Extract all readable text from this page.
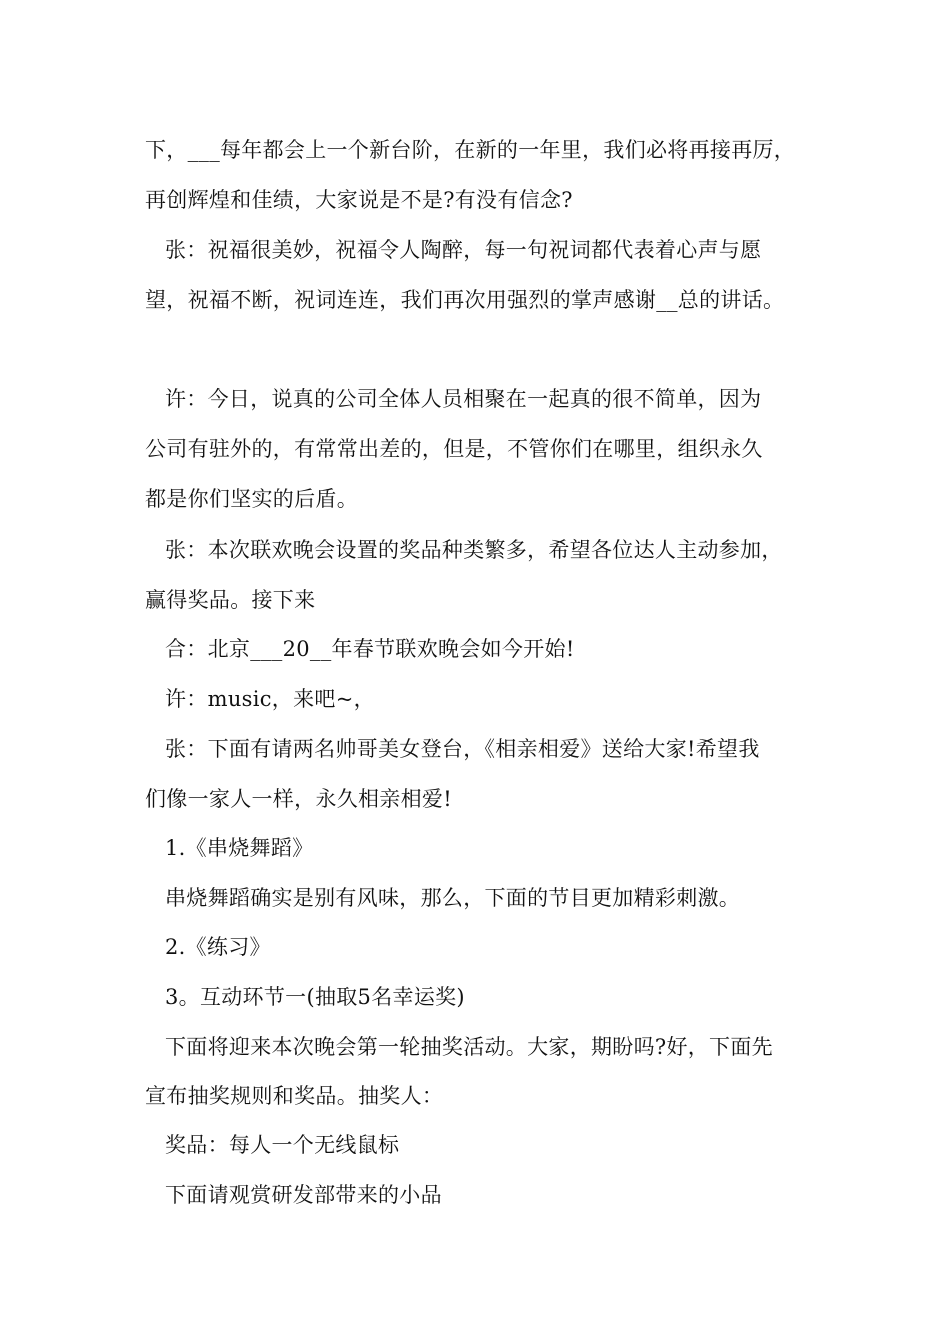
下，___每年都会上一个新台阶，在新的一年里，我们必将再接再厉，
再创辉煌和佳绩，大家说是不是?有没有信念?
张：祝福很美妙，祝福令人陶醉，每一句祝词都代表着心声与愿
望，祝福不断，祝词连连，我们再次用强烈的掌声感谢__总的讲话。
许：今日，说真的公司全体人员相聚在一起真的很不简单，因为
公司有驻外的，有常常出差的，但是，不管你们在哪里，组织永久
都是你们坚实的后盾。
张：本次联欢晚会设置的奖品种类繁多，希望各位达人主动参加，
赢得奖品。接下来
合：北京___20__年春节联欢晚会如今开始!
许：music，来吧~，
张：下面有请两名帅哥美女登台，《相亲相爱》送给大家!希望我
们像一家人一样，永久相亲相爱!
1.《串烧舞蹈》
串烧舞蹈确实是别有风味，那么，下面的节目更加精彩刺激。
2.《练习》
3。互动环节一(抽取5名幸运奖)
下面将迎来本次晚会第一轮抽奖活动。大家，期盼吗?好，下面先
宣布抽奖规则和奖品。抽奖人：
奖品：每人一个无线鼠标
下面请观赏研发部带来的小品
